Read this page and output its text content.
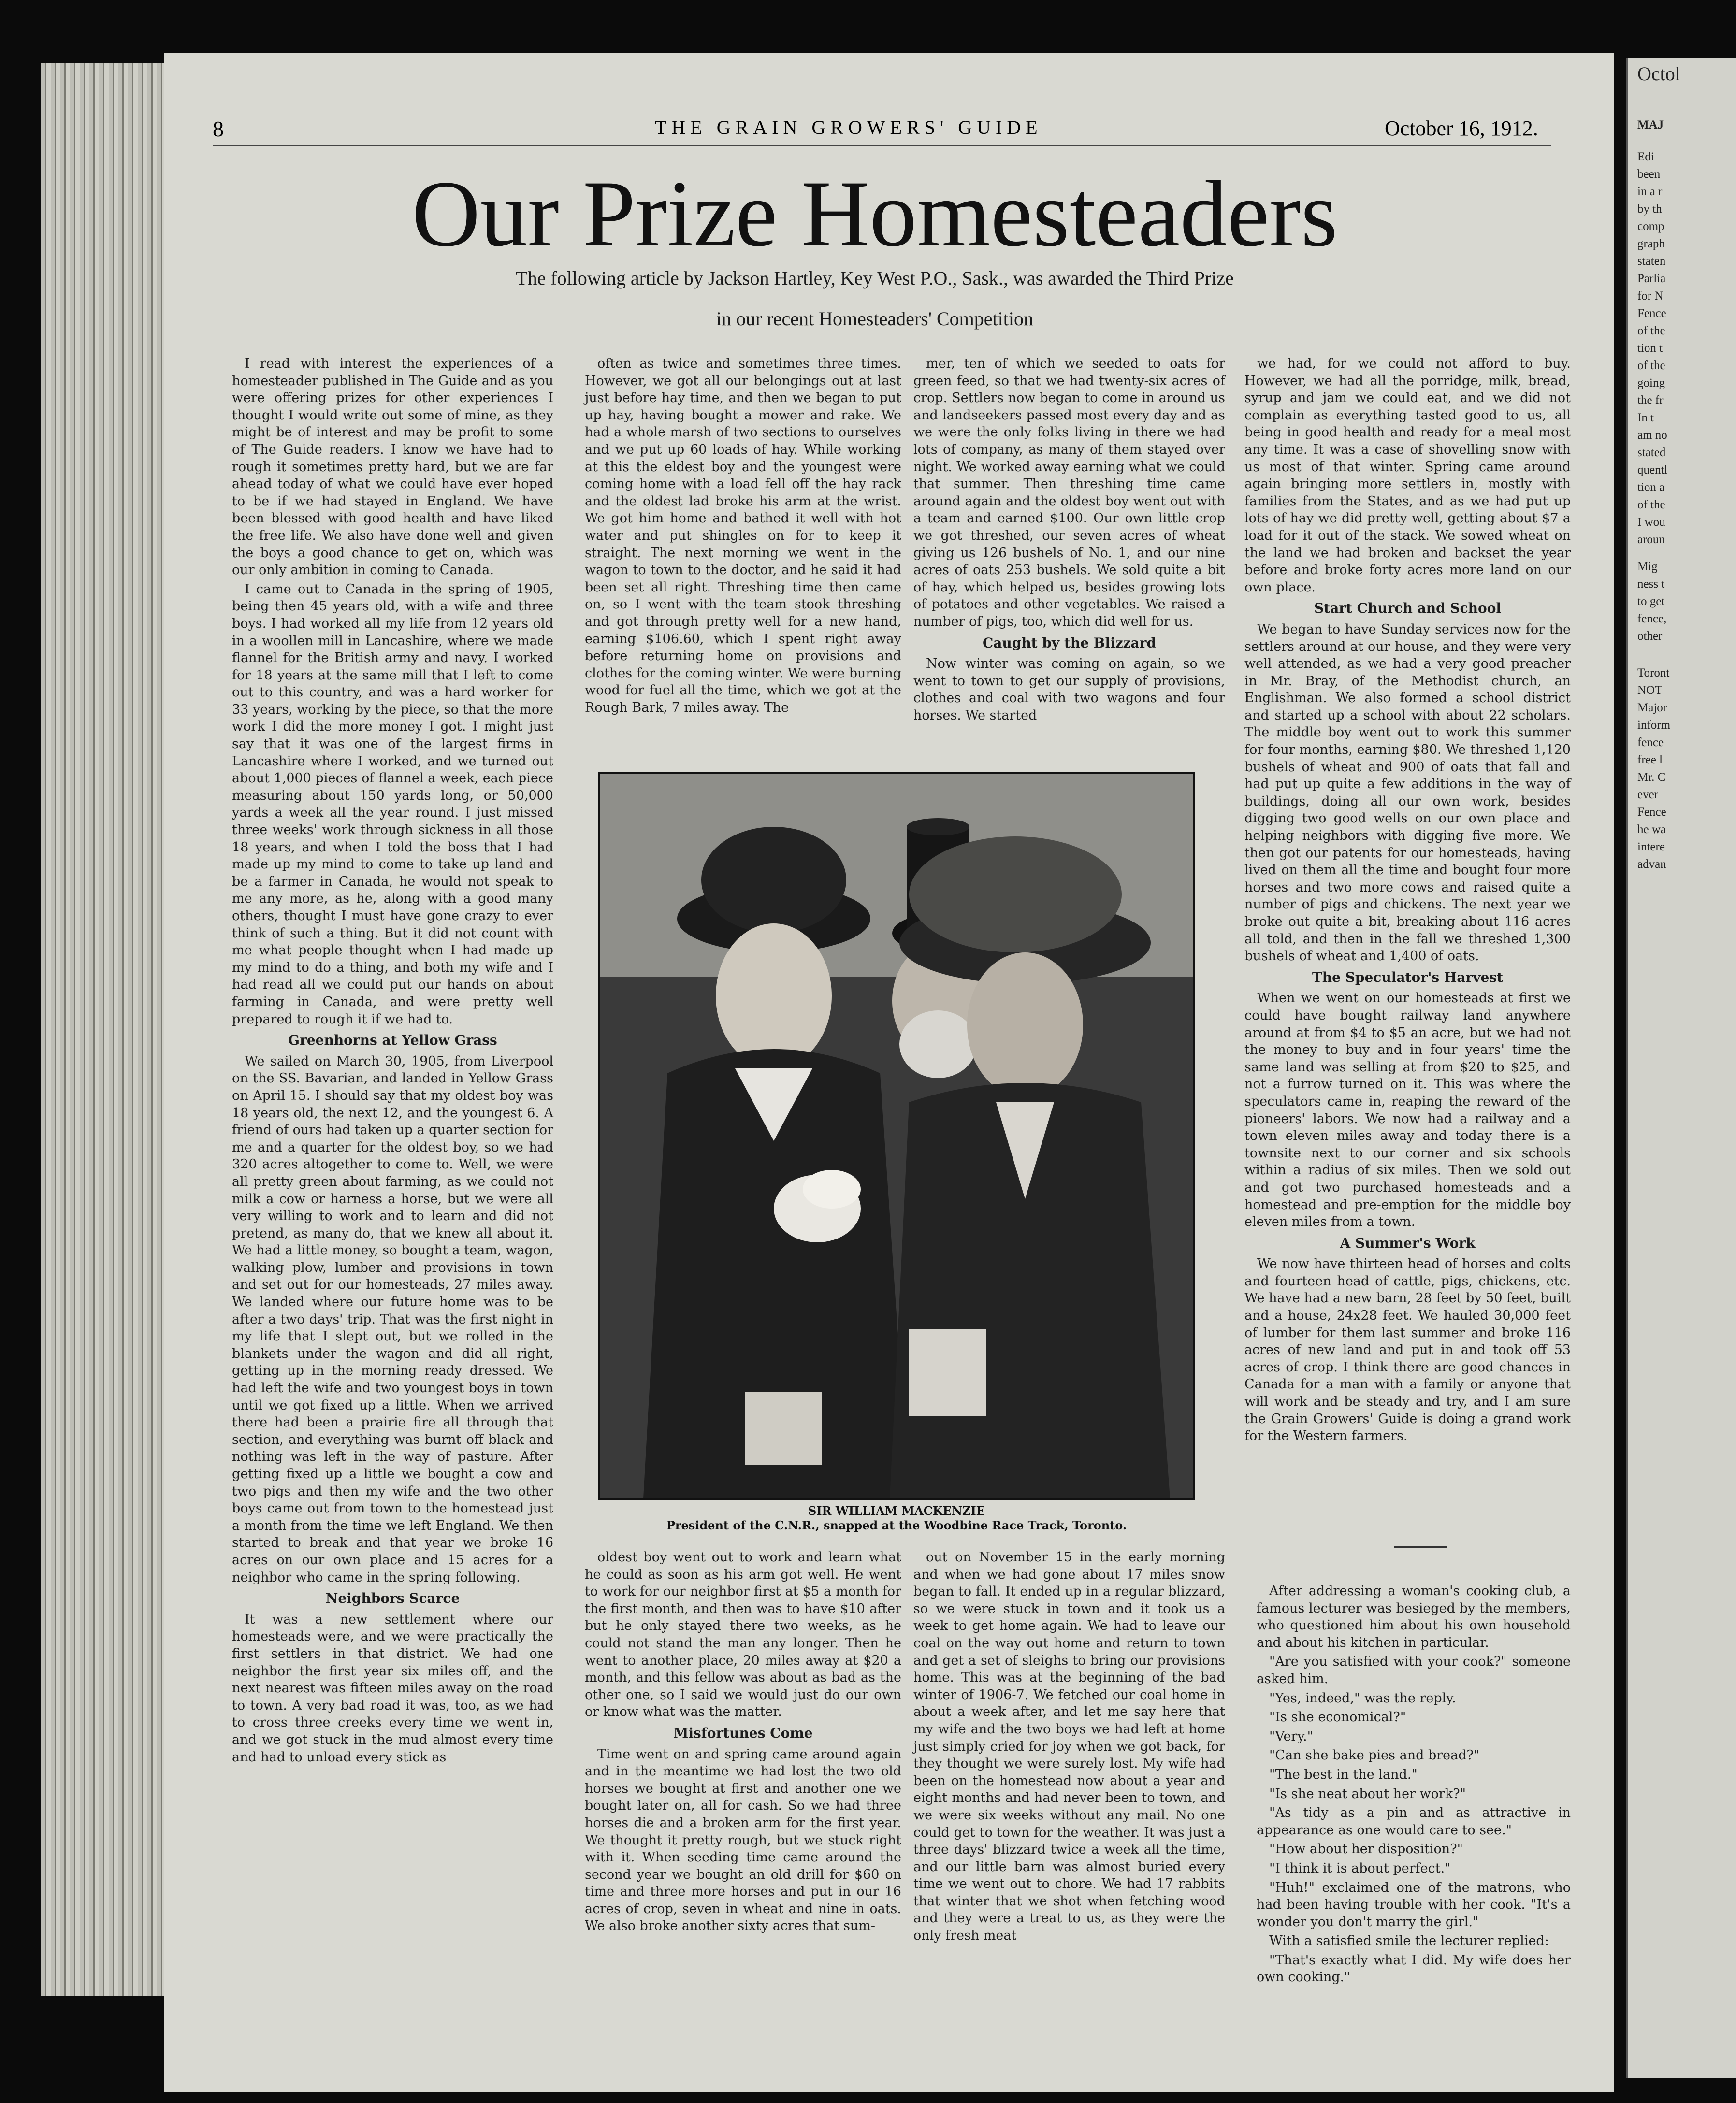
Octol
MAJ
Edi
been
in a r
by th
comp
graph
staten
Parlia
for N
Fence
of the
tion t
of the
going
the fr
In t
am no
stated
quentl
tion a
of the
I wou
aroun
Mig
ness t
to get
fence,
other
Toront
NOT
Major
inform
fence
free l
Mr. C
ever
Fence
he wa
intere
advan
8	THE GRAIN GROWERS' GUIDE	October 16, 1912.
Our Prize Homesteaders
The following article by Jackson Hartley, Key West P.O., Sask., was awarded the Third Prize
in our recent Homesteaders' Competition

I read with interest the experiences of a homesteader published in The Guide and as you were offering prizes for other experiences I thought I would write out some of mine, as they might be of interest and may be profit to some of The Guide readers. I know we have had to rough it sometimes pretty hard, but we are far ahead today of what we could have ever hoped to be if we had stayed in England. We have been blessed with good health and have liked the free life. We also have done well and given the boys a good chance to get on, which was our only ambition in coming to Canada.

I came out to Canada in the spring of 1905, being then 45 years old, with a wife and three boys. I had worked all my life from 12 years old in a woollen mill in Lancashire, where we made flannel for the British army and navy. I worked for 18 years at the same mill that I left to come out to this country, and was a hard worker for 33 years, working by the piece, so that the more work I did the more money I got. I might just say that it was one of the largest firms in Lancashire where I worked, and we turned out about 1,000 pieces of flannel a week, each piece measuring about 150 yards long, or 50,000 yards a week all the year round. I just missed three weeks' work through sickness in all those 18 years, and when I told the boss that I had made up my mind to come to take up land and be a farmer in Canada, he would not speak to me any more, as he, along with a good many others, thought I must have gone crazy to ever think of such a thing. But it did not count with me what people thought when I had made up my mind to do a thing, and both my wife and I had read all we could put our hands on about farming in Canada, and were pretty well prepared to rough it if we had to.

Greenhorns at Yellow Grass

We sailed on March 30, 1905, from Liverpool on the SS. Bavarian, and landed in Yellow Grass on April 15. I should say that my oldest boy was 18 years old, the next 12, and the youngest 6. A friend of ours had taken up a quarter section for me and a quarter for the oldest boy, so we had 320 acres altogether to come to. Well, we were all pretty green about farming, as we could not milk a cow or harness a horse, but we were all very willing to work and to learn and did not pretend, as many do, that we knew all about it. We had a little money, so bought a team, wagon, walking plow, lumber and provisions in town and set out for our homesteads, 27 miles away. We landed where our future home was to be after a two days' trip. That was the first night in my life that I slept out, but we rolled in the blankets under the wagon and did all right, getting up in the morning ready dressed. We had left the wife and two youngest boys in town until we got fixed up a little. When we arrived there had been a prairie fire all through that section, and everything was burnt off black and nothing was left in the way of pasture. After getting fixed up a little we bought a cow and two pigs and then my wife and the two other boys came out from town to the homestead just a month from the time we left England. We then started to break and that year we broke 16 acres on our own place and 15 acres for a neighbor who came in the spring following.

Neighbors Scarce

It was a new settlement where our homesteads were, and we were practically the first settlers in that district. We had one neighbor the first year six miles off, and the next nearest was fifteen miles away on the road to town. A very bad road it was, too, as we had to cross three creeks every time we went in, and we got stuck in the mud almost every time and had to unload every stick as

often as twice and sometimes three times. However, we got all our belongings out at last just before hay time, and then we began to put up hay, having bought a mower and rake. We had a whole marsh of two sections to ourselves and we put up 60 loads of hay. While working at this the eldest boy and the youngest were coming home with a load fell off the hay rack and the oldest lad broke his arm at the wrist. We got him home and bathed it well with hot water and put shingles on for to keep it straight. The next morning we went in the wagon to town to the doctor, and he said it had been set all right. Threshing time then came on, so I went with the team stook threshing and got through pretty well for a new hand, earning $106.60, which I spent right away before returning home on provisions and clothes for the coming winter. We were burning wood for fuel all the time, which we got at the Rough Bark, 7 miles away. The

mer, ten of which we seeded to oats for green feed, so that we had twenty-six acres of crop. Settlers now began to come in around us and landseekers passed most every day and as we were the only folks living in there we had lots of company, as many of them stayed over night. We worked away earning what we could that summer. Then threshing time came around again and the oldest boy went out with a team and earned $100. Our own little crop we got threshed, our seven acres of wheat giving us 126 bushels of No. 1, and our nine acres of oats 253 bushels. We sold quite a bit of hay, which helped us, besides growing lots of potatoes and other vegetables. We raised a number of pigs, too, which did well for us.

Caught by the Blizzard

Now winter was coming on again, so we went to town to get our supply of provisions, clothes and coal with two wagons and four horses. We started

we had, for we could not afford to buy. However, we had all the porridge, milk, bread, syrup and jam we could eat, and we did not complain as everything tasted good to us, all being in good health and ready for a meal most any time. It was a case of shovelling snow with us most of that winter. Spring came around again bringing more settlers in, mostly with families from the States, and as we had put up lots of hay we did pretty well, getting about $7 a load for it out of the stack. We sowed wheat on the land we had broken and backset the year before and broke forty acres more land on our own place.

Start Church and School

We began to have Sunday services now for the settlers around at our house, and they were very well attended, as we had a very good preacher in Mr. Bray, of the Methodist church, an Englishman. We also formed a school district and started up a school with about 22 scholars. The middle boy went out to work this summer for four months, earning $80. We threshed 1,120 bushels of wheat and 900 of oats that fall and had put up quite a few additions in the way of buildings, doing all our own work, besides digging two good wells on our own place and helping neighbors with digging five more. We then got our patents for our homesteads, having lived on them all the time and bought four more horses and two more cows and raised quite a number of pigs and chickens. The next year we broke out quite a bit, breaking about 116 acres all told, and then in the fall we threshed 1,300 bushels of wheat and 1,400 of oats.

The Speculator's Harvest

When we went on our homesteads at first we could have bought railway land anywhere around at from $4 to $5 an acre, but we had not the money to buy and in four years' time the same land was selling at from $20 to $25, and not a furrow turned on it. This was where the speculators came in, reaping the reward of the pioneers' labors. We now had a railway and a town eleven miles away and today there is a townsite next to our corner and six schools within a radius of six miles. Then we sold out and got two purchased homesteads and a homestead and pre-emption for the middle boy eleven miles from a town.

A Summer's Work

We now have thirteen head of horses and colts and fourteen head of cattle, pigs, chickens, etc. We have had a new barn, 28 feet by 50 feet, built and a house, 24x28 feet. We hauled 30,000 feet of lumber for them last summer and broke 116 acres of new land and put in and took off 53 acres of crop. I think there are good chances in Canada for a man with a family or anyone that will work and be steady and try, and I am sure the Grain Growers' Guide is doing a grand work for the Western farmers.

SIR WILLIAM MACKENZIE
President of the C.N.R., snapped at the Woodbine Race Track, Toronto.

oldest boy went out to work and learn what he could as soon as his arm got well. He went to work for our neighbor first at $5 a month for the first month, and then was to have $10 after but he only stayed there two weeks, as he could not stand the man any longer. Then he went to another place, 20 miles away at $20 a month, and this fellow was about as bad as the other one, so I said we would just do our own or know what was the matter.

Misfortunes Come

Time went on and spring came around again and in the meantime we had lost the two old horses we bought at first and another one we bought later on, all for cash. So we had three horses die and a broken arm for the first year. We thought it pretty rough, but we stuck right with it. When seeding time came around the second year we bought an old drill for $60 on time and three more horses and put in our 16 acres of crop, seven in wheat and nine in oats. We also broke another sixty acres that sum-

out on November 15 in the early morning and when we had gone about 17 miles snow began to fall. It ended up in a regular blizzard, so we were stuck in town and it took us a week to get home again. We had to leave our coal on the way out home and return to town and get a set of sleighs to bring our provisions home. This was at the beginning of the bad winter of 1906-7. We fetched our coal home in about a week after, and let me say here that my wife and the two boys we had left at home just simply cried for joy when we got back, for they thought we were surely lost. My wife had been on the homestead now about a year and eight months and had never been to town, and we were six weeks without any mail. No one could get to town for the weather. It was just a three days' blizzard twice a week all the time, and our little barn was almost buried every time we went out to chore. We had 17 rabbits that winter that we shot when fetching wood and they were a treat to us, as they were the only fresh meat

After addressing a woman's cooking club, a famous lecturer was besieged by the members, who questioned him about his own household and about his kitchen in particular.

"Are you satisfied with your cook?" someone asked him.

"Yes, indeed," was the reply.

"Is she economical?"

"Very."

"Can she bake pies and bread?"

"The best in the land."

"Is she neat about her work?"

"As tidy as a pin and as attractive in appearance as one would care to see."

"How about her disposition?"

"I think it is about perfect."

"Huh!" exclaimed one of the matrons, who had been having trouble with her cook. "It's a wonder you don't marry the girl."

With a satisfied smile the lecturer replied:

"That's exactly what I did. My wife does her own cooking."
